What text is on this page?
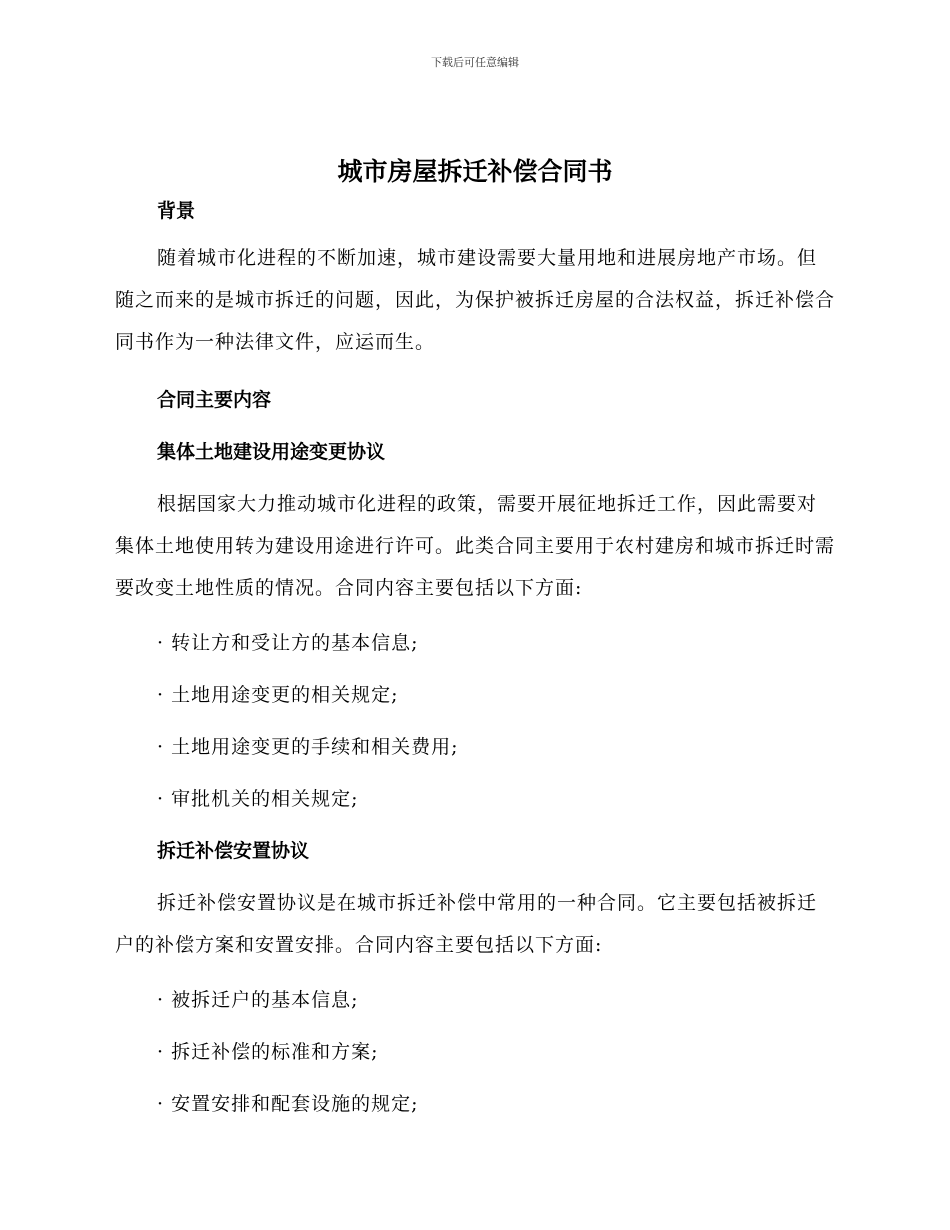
下载后可任意编辑
城市房屋拆迁补偿合同书

背景

随着城市化进程的不断加速，城市建设需要大量用地和进展房地产市场。但随之而来的是城市拆迁的问题，因此，为保护被拆迁房屋的合法权益，拆迁补偿合同书作为一种法律文件，应运而生。

合同主要内容

集体土地建设用途变更协议

根据国家大力推动城市化进程的政策，需要开展征地拆迁工作，因此需要对集体土地使用转为建设用途进行许可。此类合同主要用于农村建房和城市拆迁时需要改变土地性质的情况。合同内容主要包括以下方面:

· 转让方和受让方的基本信息;

· 土地用途变更的相关规定;

· 土地用途变更的手续和相关费用;

· 审批机关的相关规定;

拆迁补偿安置协议

拆迁补偿安置协议是在城市拆迁补偿中常用的一种合同。它主要包括被拆迁户的补偿方案和安置安排。合同内容主要包括以下方面:

· 被拆迁户的基本信息;

· 拆迁补偿的标准和方案;

· 安置安排和配套设施的规定;
